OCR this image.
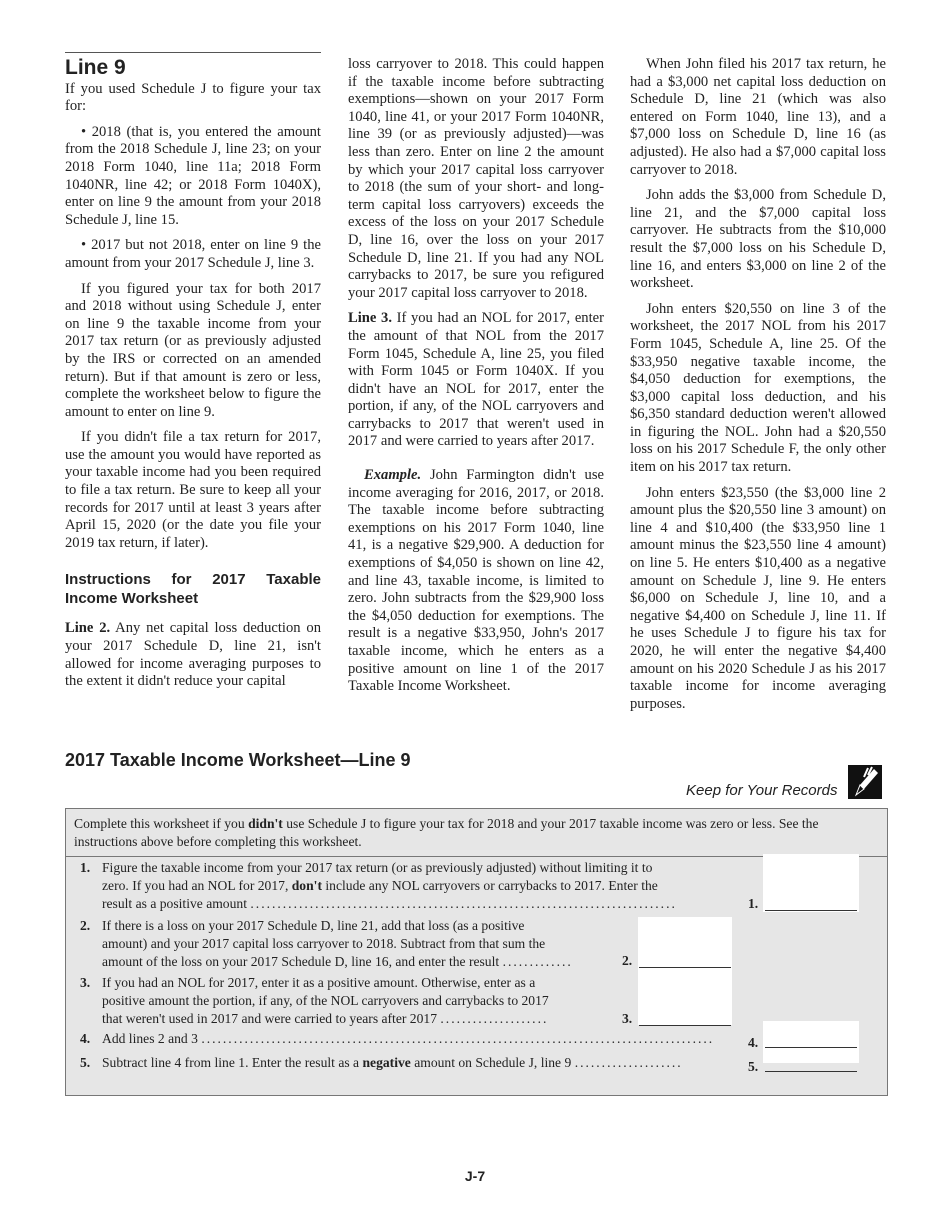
Line 9

If you used Schedule J to figure your tax for:

• 2018 (that is, you entered the amount from the 2018 Schedule J, line 23; on your 2018 Form 1040, line 11a; 2018 Form 1040NR, line 42; or 2018 Form 1040X), enter on line 9 the amount from your 2018 Schedule J, line 15.

• 2017 but not 2018, enter on line 9 the amount from your 2017 Schedule J, line 3.

If you figured your tax for both 2017 and 2018 without using Schedule J, enter on line 9 the taxable income from your 2017 tax return (or as previously adjusted by the IRS or corrected on an amended return). But if that amount is zero or less, complete the worksheet below to figure the amount to enter on line 9.

If you didn't file a tax return for 2017, use the amount you would have reported as your taxable income had you been required to file a tax return. Be sure to keep all your records for 2017 until at least 3 years after April 15, 2020 (or the date you file your 2019 tax return, if later).

Instructions for 2017 Taxable Income Worksheet

Line 2. Any net capital loss deduction on your 2017 Schedule D, line 21, isn't allowed for income averaging purposes to the extent it didn't reduce your capital

loss carryover to 2018. This could happen if the taxable income before subtracting exemptions—shown on your 2017 Form 1040, line 41, or your 2017 Form 1040NR, line 39 (or as previously adjusted)—was less than zero. Enter on line 2 the amount by which your 2017 capital loss carryover to 2018 (the sum of your short- and long-term capital loss carryovers) exceeds the excess of the loss on your 2017 Schedule D, line 16, over the loss on your 2017 Schedule D, line 21. If you had any NOL carrybacks to 2017, be sure you refigured your 2017 capital loss carryover to 2018.

Line 3. If you had an NOL for 2017, enter the amount of that NOL from the 2017 Form 1045, Schedule A, line 25, you filed with Form 1045 or Form 1040X. If you didn't have an NOL for 2017, enter the portion, if any, of the NOL carryovers and carrybacks to 2017 that weren't used in 2017 and were carried to years after 2017.

Example. John Farmington didn't use income averaging for 2016, 2017, or 2018. The taxable income before subtracting exemptions on his 2017 Form 1040, line 41, is a negative $29,900. A deduction for exemptions of $4,050 is shown on line 42, and line 43, taxable income, is limited to zero. John subtracts from the $29,900 loss the $4,050 deduction for exemptions. The result is a negative $33,950, John's 2017 taxable income, which he enters as a positive amount on line 1 of the 2017 Taxable Income Worksheet.

When John filed his 2017 tax return, he had a $3,000 net capital loss deduction on Schedule D, line 21 (which was also entered on Form 1040, line 13), and a $7,000 loss on Schedule D, line 16 (as adjusted). He also had a $7,000 capital loss carryover to 2018.

John adds the $3,000 from Schedule D, line 21, and the $7,000 capital loss carryover. He subtracts from the $10,000 result the $7,000 loss on his Schedule D, line 16, and enters $3,000 on line 2 of the worksheet.

John enters $20,550 on line 3 of the worksheet, the 2017 NOL from his 2017 Form 1045, Schedule A, line 25. Of the $33,950 negative taxable income, the $4,050 deduction for exemptions, the $3,000 capital loss deduction, and his $6,350 standard deduction weren't allowed in figuring the NOL. John had a $20,550 loss on his 2017 Schedule F, the only other item on his 2017 tax return.

John enters $23,550 (the $3,000 line 2 amount plus the $20,550 line 3 amount) on line 4 and $10,400 (the $33,950 line 1 amount minus the $23,550 line 4 amount) on line 5. He enters $10,400 as a negative amount on Schedule J, line 9. He enters $6,000 on Schedule J, line 10, and a negative $4,400 on Schedule J, line 11. If he uses Schedule J to figure his tax for 2020, he will enter the negative $4,400 amount on his 2020 Schedule J as his 2017 taxable income for income averaging purposes.

2017 Taxable Income Worksheet—Line 9
Keep for Your Records
Complete this worksheet if you didn't use Schedule J to figure your tax for 2018 and your 2017 taxable income was zero or less. See the instructions above before completing this worksheet.
1. Figure the taxable income from your 2017 tax return (or as previously adjusted) without limiting it to
zero. If you had an NOL for 2017, don't include any NOL carryovers or carrybacks to 2017. Enter the
result as a positive amount ...............................................................................	1.
2. If there is a loss on your 2017 Schedule D, line 21, add that loss (as a positive
amount) and your 2017 capital loss carryover to 2018. Subtract from that sum the
amount of the loss on your 2017 Schedule D, line 16, and enter the result .............	2.
3. If you had an NOL for 2017, enter it as a positive amount. Otherwise, enter as a
positive amount the portion, if any, of the NOL carryovers and carrybacks to 2017
that weren't used in 2017 and were carried to years after 2017 ....................	3.
4. Add lines 2 and 3 ...............................................................................................	4.
5. Subtract line 4 from line 1. Enter the result as a negative amount on Schedule J, line 9 ....................	5.
J-7
